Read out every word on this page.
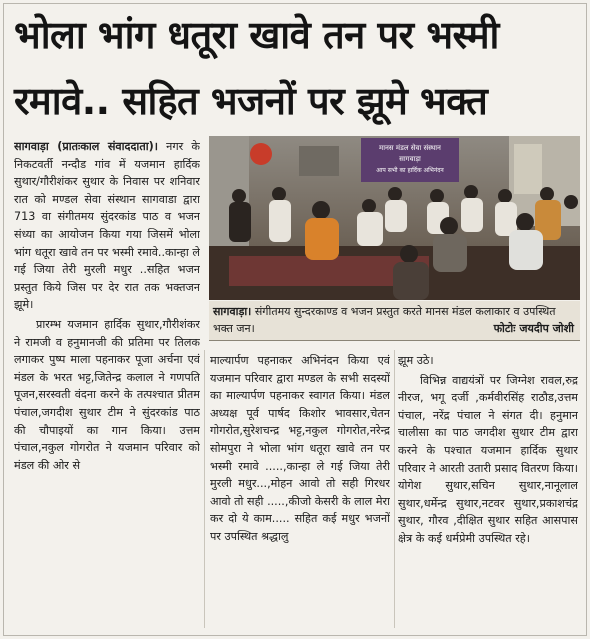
भोला भांग धतूरा खावे तन पर भस्मी
रमावे.. सहित भजनों पर झूमे भक्त

सागवाड़ा (प्रातःकाल संवाददाता)। नगर के निकटवर्ती नन्दौड गांव में यजमान हार्दिक सुथार/गौरीशंकर सुथार के निवास पर शनिवार रात को मण्डल सेवा संस्थान सागवाडा द्वारा 713 वा संगीतमय सुंदरकांड पाठ व भजन संध्या का आयोजन किया गया जिसमें भोला भांग धतूरा खावे तन पर भस्मी रमावे..कान्हा ले गई जिया तेरी मुरली मधुर ..सहित भजन प्रस्तुत किये जिस पर देर रात तक भक्तजन झूमे।

प्रारम्भ यजमान हार्दिक सुथार,गौरीशंकर ने रामजी व हनुमानजी की प्रतिमा पर तिलक लगाकर पुष्प माला पहनाकर पूजा अर्चना एवं मंडल के भरत भट्ट,जितेन्द्र कलाल ने गणपति पूजन,सरस्वती वंदना करने के तत्पश्चात प्रीतम पंचाल,जगदीश सुथार टीम ने सुंदरकांड पाठ की चौपाइयों का गान किया। उत्तम पंचाल,नकुल गोगरोत ने यजमान परिवार को मंडल की ओर से

मानस मंडल सेवा संस्थान
सागवाड़ा
आप सभी का हार्दिक अभिनंदन
सागवाड़ा। संगीतमय सुन्दरकाण्ड व भजन प्रस्तुत करते मानस मंडल कलाकार व उपस्थित भक्त जन।	फोटोः जयदीप जोशी

माल्यार्पण पहनाकर अभिनंदन किया एवं यजमान परिवार द्वारा मण्डल के सभी सदस्यों का माल्यार्पण पहनाकर स्वागत किया। मंडल अध्यक्ष पूर्व पार्षद किशोर भावसार,चेतन गोगरोत,सुरेशचन्द्र भट्ट,नकुल गोगरोत,नरेन्द्र सोमपुरा ने भोला भांग धतूरा खावे तन पर भस्मी रमावे .....,कान्हा ले गई जिया तेरी मुरली मधुर...,मोहन आवो तो सही गिरधर आवो तो सही .....,कीजो केसरी के लाल मेरा कर दो ये काम..... सहित कई मधुर भजनों पर उपस्थित श्रद्धालु

झूम उठे।

विभिन्न वाद्ययंत्रों पर जिग्नेश रावल,रुद्र नीरज, भगू दर्जी ,कर्मवीरसिंह राठौड,उत्तम पंचाल, नरेंद्र पंचाल ने संगत दी। हनुमान चालीसा का पाठ जगदीश सुथार टीम द्वारा करने के पश्चात यजमान हार्दिक सुथार परिवार ने आरती उतारी प्रसाद वितरण किया। योगेश सुथार,सचिन सुथार,नानूलाल सुथार,धर्मेन्द्र सुथार,नटवर सुथार,प्रकाशचंद्र सुथार, गौरव ,दीक्षित सुथार सहित आसपास क्षेत्र के कई धर्मप्रेमी उपस्थित रहे।
